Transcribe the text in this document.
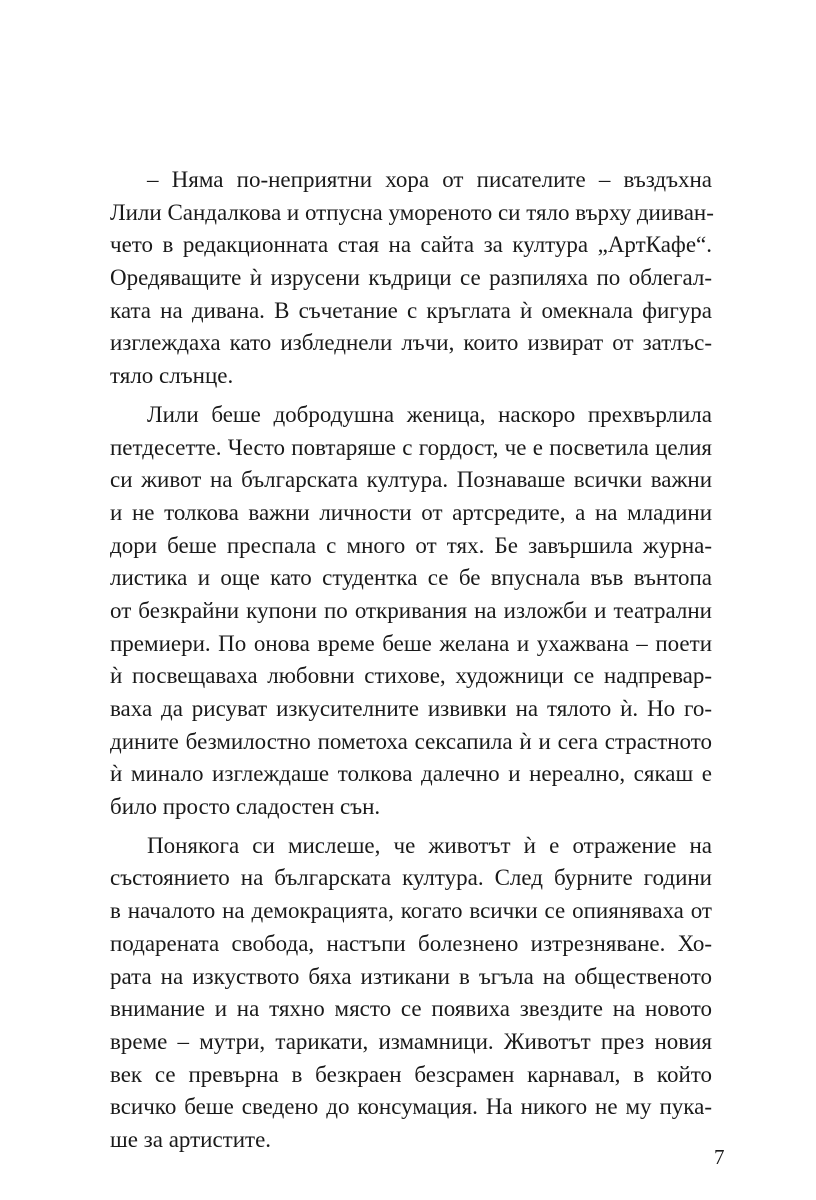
– Няма по-неприятни хора от писателите – въздъхна
Лили Сандалкова и отпусна умореното си тяло върху дииван-
чето в редакционната стая на сайта за култура „АртКафе“.
Оредяващите ѝ изрусени къдрици се разпиляха по облегал-
ката на дивана. В съчетание с кръглата ѝ омекнала фигура
изглеждаха като избледнели лъчи, които извират от затлъс-
тяло слънце.
Лили беше добродушна женица, наскоро прехвърлила
петдесетте. Често повтаряше с гордост, че е посветила целия
си живот на българската култура. Познаваше всички важни
и не толкова важни личности от артсредите, а на младини
дори беше преспала с много от тях. Бе завършила журна-
листика и още като студентка се бе впуснала във вънтопа
от безкрайни купони по откривания на изложби и театрални
премиери. По онова време беше желана и ухажвана – поети
ѝ посвещаваха любовни стихове, художници се надпревар-
ваха да рисуват изкусителните извивки на тялото ѝ. Но го-
дините безмилостно пометоха сексапила ѝ и сега страстното
ѝ минало изглеждаше толкова далечно и нереално, сякаш е
било просто сладостен сън.
Понякога си мислеше, че животът ѝ е отражение на
състоянието на българската култура. След бурните години
в началото на демокрацията, когато всички се опияняваха от
подарената свобода, настъпи болезнено изтрезняване. Хо-
рата на изкуството бяха изтикани в ъгъла на общественото
внимание и на тяхно място се появиха звездите на новото
време – мутри, тарикати, измамници. Животът през новия
век се превърна в безкраен безсрамен карнавал, в който
всичко беше сведено до консумация. На никого не му пука-
ше за артистите.
7
